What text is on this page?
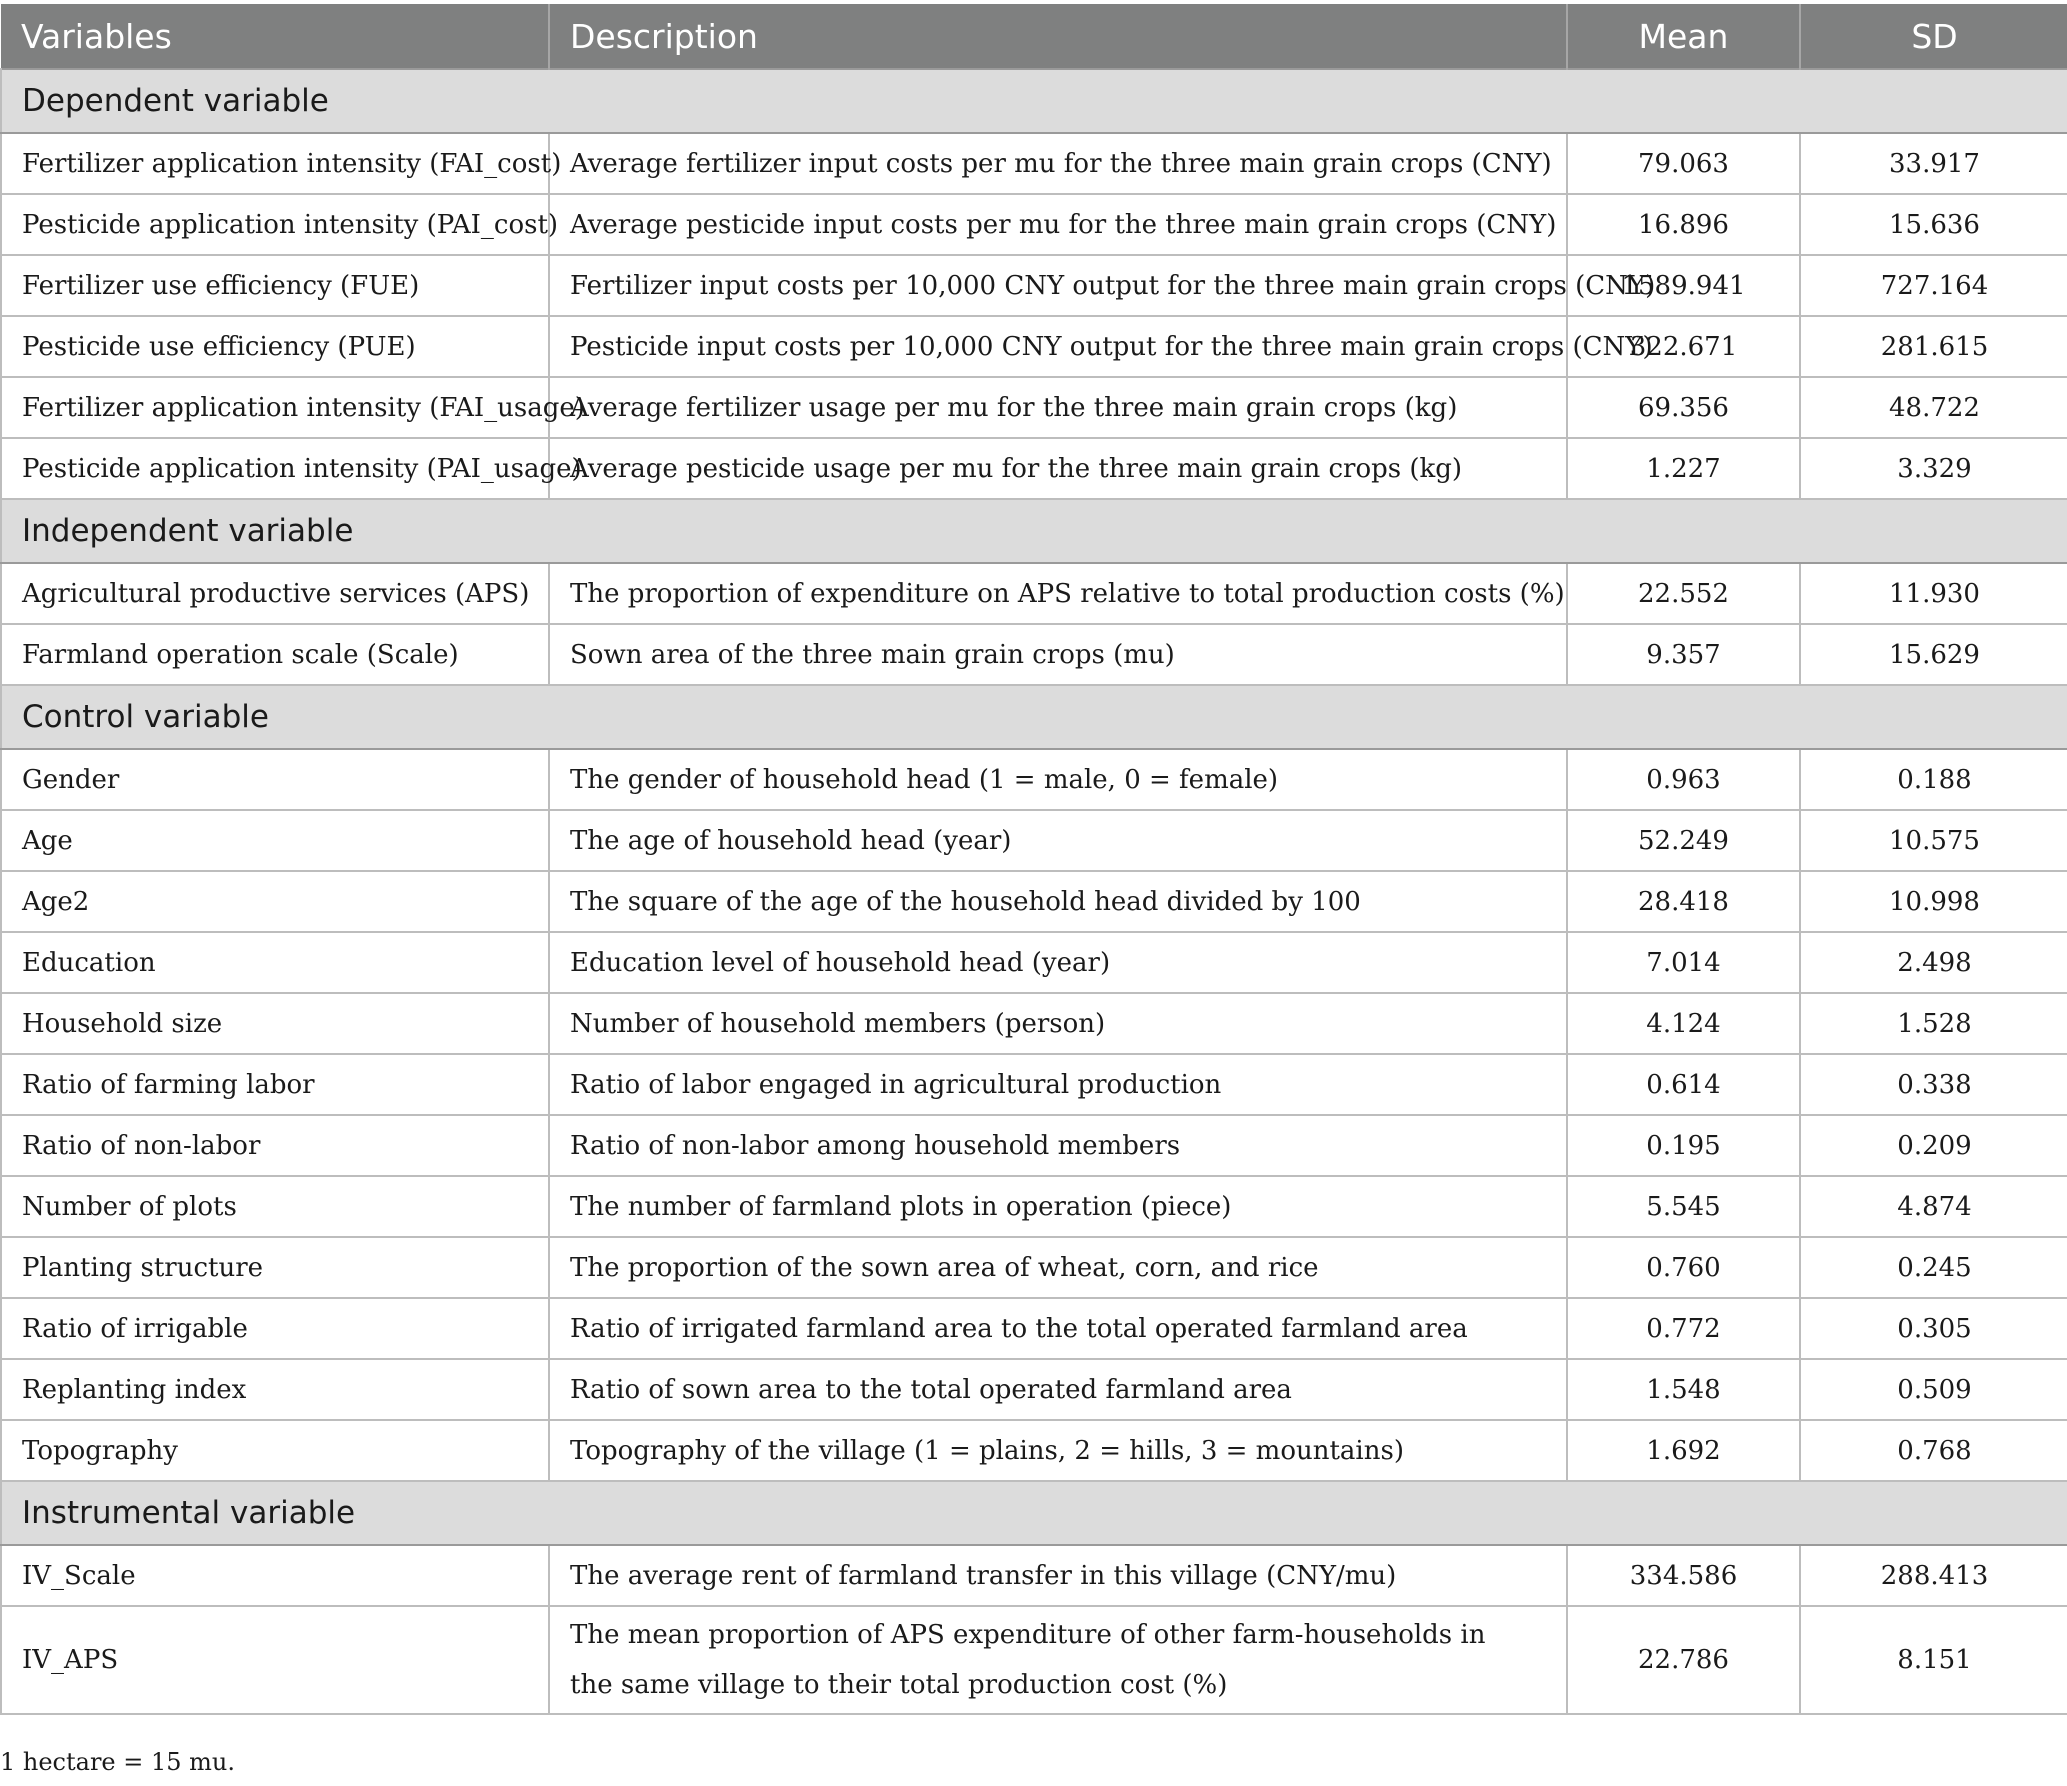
Variables	Description	Mean	SD
Dependent variable			
Fertilizer application intensity (FAI_cost)	Average fertilizer input costs per mu for the three main grain crops (CNY)	79.063	33.917
Pesticide application intensity (PAI_cost)	Average pesticide input costs per mu for the three main grain crops (CNY)	16.896	15.636
Fertilizer use efficiency (FUE)	Fertilizer input costs per 10,000 CNY output for the three main grain crops (CNY)	1589.941	727.164
Pesticide use efficiency (PUE)	Pesticide input costs per 10,000 CNY output for the three main grain crops (CNY)	322.671	281.615
Fertilizer application intensity (FAI_usage)	Average fertilizer usage per mu for the three main grain crops (kg)	69.356	48.722
Pesticide application intensity (PAI_usage)	Average pesticide usage per mu for the three main grain crops (kg)	1.227	3.329
Independent variable			
Agricultural productive services (APS)	The proportion of expenditure on APS relative to total production costs (%)	22.552	11.930
Farmland operation scale (Scale)	Sown area of the three main grain crops (mu)	9.357	15.629
Control variable			
Gender	The gender of household head (1 = male, 0 = female)	0.963	0.188
Age	The age of household head (year)	52.249	10.575
Age2	The square of the age of the household head divided by 100	28.418	10.998
Education	Education level of household head (year)	7.014	2.498
Household size	Number of household members (person)	4.124	1.528
Ratio of farming labor	Ratio of labor engaged in agricultural production	0.614	0.338
Ratio of non-labor	Ratio of non-labor among household members	0.195	0.209
Number of plots	The number of farmland plots in operation (piece)	5.545	4.874
Planting structure	The proportion of the sown area of wheat, corn, and rice	0.760	0.245
Ratio of irrigable	Ratio of irrigated farmland area to the total operated farmland area	0.772	0.305
Replanting index	Ratio of sown area to the total operated farmland area	1.548	0.509
Topography	Topography of the village (1 = plains, 2 = hills, 3 = mountains)	1.692	0.768
Instrumental variable			
IV_Scale	The average rent of farmland transfer in this village (CNY/mu)	334.586	288.413
IV_APS	The mean proportion of APS expenditure of other farm-households in the same village to their total production cost (%)	22.786	8.151
1 hectare = 15 mu.
